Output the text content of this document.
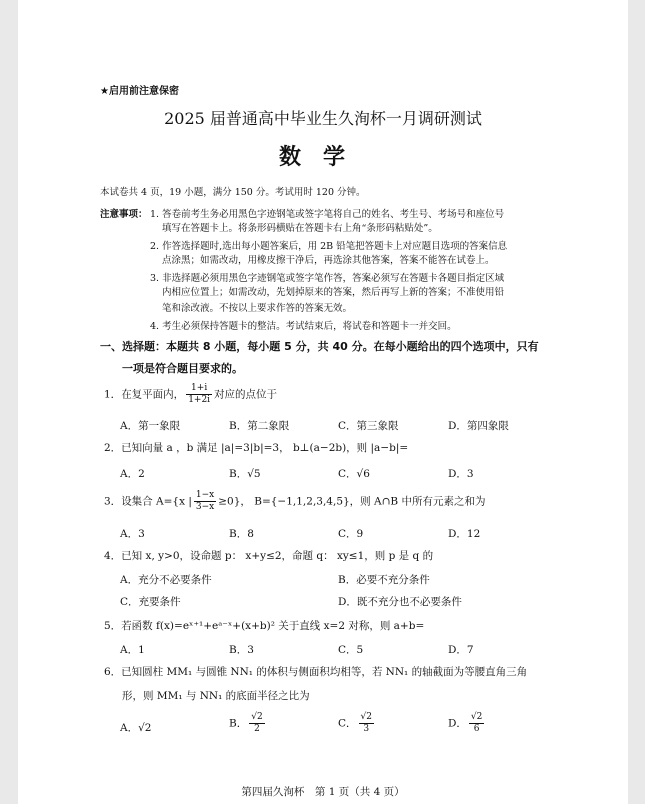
★启用前注意保密
2025 届普通高中毕业生久洵杯一月调研测试
数学
本试卷共 4 页，19 小题，满分 150 分。考试用时 120 分钟。
注意事项： 1. 答卷前考生务必用黑色字迹钢笔或签字笔将自己的姓名、考生号、考场号和座位号
填写在答题卡上。将条形码横贴在答题卡右上角“条形码粘贴处”。
2. 作答选择题时,选出每小题答案后，用 2B 铅笔把答题卡上对应题目选项的答案信息
点涂黑；如需改动，用橡皮擦干净后，再选涂其他答案，答案不能答在试卷上。
3. 非选择题必须用黑色字迹钢笔或签字笔作答，答案必须写在答题卡各题目指定区域
内相应位置上；如需改动，先划掉原来的答案，然后再写上新的答案；不准使用铅
笔和涂改液。不按以上要求作答的答案无效。
4. 考生必须保持答题卡的整洁。考试结束后，将试卷和答题卡一并交回。
一、选择题：本题共 8 小题，每小题 5 分，共 40 分。在每小题给出的四个选项中，只有
一项是符合题目要求的。
1．在复平面内， $\frac{1+i}{1+2i}$ 对应的点位于
A．第一象限	B．第二象限	C．第三象限	D．第四象限
2．已知向量 a ，b 满足 |a|=3|b|=3， b⊥(a−2b)，则 |a−b|=
A．2	B．√5	C．√6	D．3
3．设集合 A={x | $\frac{1-x}{3-x} \ge 0$}， B={−1,1,2,3,4,5}，则 A∩B 中所有元素之和为
A．3	B．8	C．9	D．12
4．已知 x, y>0，设命题 p： x+y≤2，命题 q： xy≤1，则 p 是 q 的
A．充分不必要条件	B．必要不充分条件
C．充要条件	D．既不充分也不必要条件
5．若函数 f(x)=eˣ⁺¹+eᵃ⁻ˣ+(x+b)² 关于直线 x=2 对称，则 a+b=
A．1	B．3	C．5	D．7
6．已知圆柱 MM₁ 与圆锥 NN₁ 的体积与侧面积均相等，若 NN₁ 的轴截面为等腰直角三角
形，则 MM₁ 与 NN₁ 的底面半径之比为
A．√2	B． $\frac{√2}{2}$	C． $\frac{√2}{3}$	D． $\frac{√2}{6}$
第四届久洵杯　第 1 页（共 4 页）
